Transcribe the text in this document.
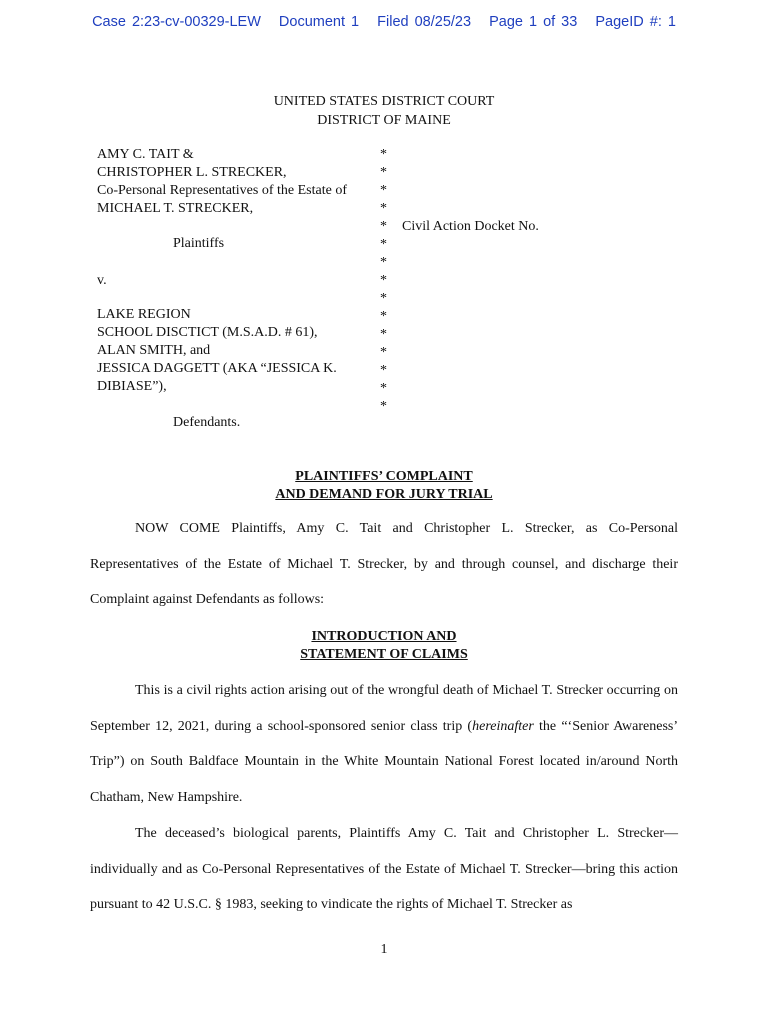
Case 2:23-cv-00329-LEW Document 1 Filed 08/25/23 Page 1 of 33 PageID #: 1
UNITED STATES DISTRICT COURT
DISTRICT OF MAINE
AMY C. TAIT &
CHRISTOPHER L. STRECKER,
Co-Personal Representatives of the Estate of
MICHAEL T. STRECKER,
Plaintiffs
v.
LAKE REGION
SCHOOL DISCTICT (M.S.A.D. # 61),
ALAN SMITH, and
JESSICA DAGGETT (AKA “JESSICA K.
DIBIASE”),
Defendants.
*
*
*
*
*
*
*
*
*
*
*
*
*
*
*
Civil Action Docket No.
PLAINTIFFS’ COMPLAINT
AND DEMAND FOR JURY TRIAL
NOW COME Plaintiffs, Amy C. Tait and Christopher L. Strecker, as Co-Personal Representatives of the Estate of Michael T. Strecker, by and through counsel, and discharge their Complaint against Defendants as follows:
INTRODUCTION AND
STATEMENT OF CLAIMS
This is a civil rights action arising out of the wrongful death of Michael T. Strecker occurring on September 12, 2021, during a school-sponsored senior class trip (hereinafter the “‘Senior Awareness’ Trip”) on South Baldface Mountain in the White Mountain National Forest located in/around North Chatham, New Hampshire.
The deceased’s biological parents, Plaintiffs Amy C. Tait and Christopher L. Strecker—individually and as Co-Personal Representatives of the Estate of Michael T. Strecker—bring this action pursuant to 42 U.S.C. § 1983, seeking to vindicate the rights of Michael T. Strecker as
1
